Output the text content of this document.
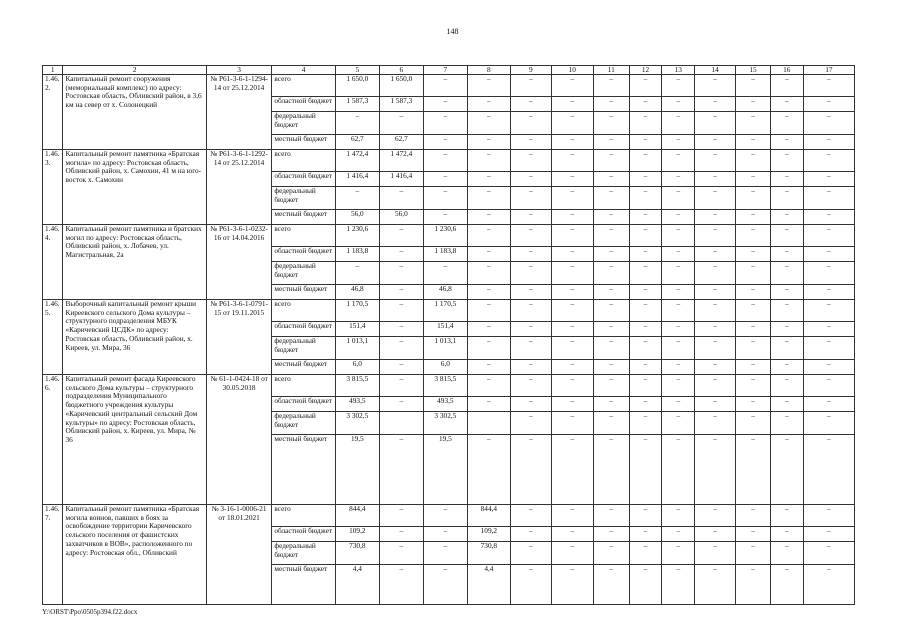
148
1	2	3	4	5	6	7	8	9	10	11	12	13	14	15	16	17
1.46.2.	Капитальный ремонт сооружения (мемориальный комплекс) по адресу: Ростовская область, Обливский район, в 3,6 км на север от х. Солонецкий	№ Р61-3-6-1-1294-14 от 25.12.2014	всего	1 650,0	1 650,0	–	–	–	–	–	–	–	–	–	–	–
			областной бюджет	1 587,3	1 587,3	–	–	–	–	–	–	–	–	–	–	–
			федеральный бюджет	–	–	–	–	–	–	–	–	–	–	–	–	–
			местный бюджет	62,7	62,7	–	–	–	–	–	–	–	–	–	–	–
1.46.3.	Капитальный ремонт памятника «Братская могила» по адресу: Ростовская область, Обливский район, х. Самохин, 41 м на юго-восток х. Самохин	№ Р61-3-6-1-1292-14 от 25.12.2014	всего	1 472,4	1 472,4	–	–	–	–	–	–	–	–	–	–	–
			областной бюджет	1 416,4	1 416,4	–	–	–	–	–	–	–	–	–	–	–
			федеральный бюджет	–	–	–	–	–	–	–	–	–	–	–	–	–
			местный бюджет	56,0	56,0	–	–	–	–	–	–	–	–	–	–	–
1.46.4.	Капитальный ремонт памятника и братских могил по адресу: Ростовская область, Обливский район, х. Лобачев, ул. Магистральная, 2а	№ Р61-3-6-1-0232-16 от 14.04.2016	всего	1 230,6	–	1 230,6	–	–	–	–	–	–	–	–	–	–
			областной бюджет	1 183,8	–	1 183,8	–	–	–	–	–	–	–	–	–	–
			федеральный бюджет	–	–	–	–	–	–	–	–	–	–	–	–	–
			местный бюджет	46,8	–	46,8	–	–	–	–	–	–	–	–	–	–
1.46.5.	Выборочный капитальный ремонт крыши Киреевского сельского Дома культуры – структурного подразделения МБУК «Каричевский ЦСДК» по адресу: Ростовская область, Обливский район, х. Киреев, ул. Мира, 36	№ Р61-3-6-1-0791-15 от 19.11.2015	всего	1 170,5	–	1 170,5	–	–	–	–	–	–	–	–	–	–
			областной бюджет	151,4	–	151,4	–	–	–	–	–	–	–	–	–	–
			федеральный бюджет	1 013,1	–	1 013,1	–	–	–	–	–	–	–	–	–	–
			местный бюджет	6,0	–	6,0	–	–	–	–	–	–	–	–	–	–
1.46.6.	Капитальный ремонт фасада Киреевского сельского Дома культуры – структурного подразделения Муниципального бюджетного учреждения культуры «Каричевский центральный сельский Дом культуры» по адресу: Ростовская область, Обливский район, х. Киреев, ул. Мира, № 36	№ 61-1-0424-18 от 30.05.2018	всего	3 815,5	–	3 815,5	–	–	–	–	–	–	–	–	–	–
			областной бюджет	493,5	–	493,5	–	–	–	–	–	–	–	–	–	–
			федеральный бюджет	3 302,5		3 302,5		–	–	–	–	–	–	–	–	–
			местный бюджет	19,5	–	19,5	–	–	–	–	–	–	–	–	–	–
1.46.7.	Капитальный ремонт памятника «Братская могила воинов, павших в боях за освобождение территории Каричевского сельского поселения от фашистских захватчиков в ВОВ», расположенного по адресу: Ростовская обл., Обливский	№ 3-16-1-0006-21 от 18.01.2021	всего	844,4	–	–	844,4	–	–	–	–	–	–	–	–	–
			областной бюджет	109,2	–	–	109,2	–	–	–	–	–	–	–	–	–
			федеральный бюджет	730,8	–	–	730,8	–	–	–	–	–	–	–	–	–
			местный бюджет	4,4	–	–	4,4	–	–	–	–	–	–	–	–	–
Y:\ORST\Ppo\0505p394.f22.docx
